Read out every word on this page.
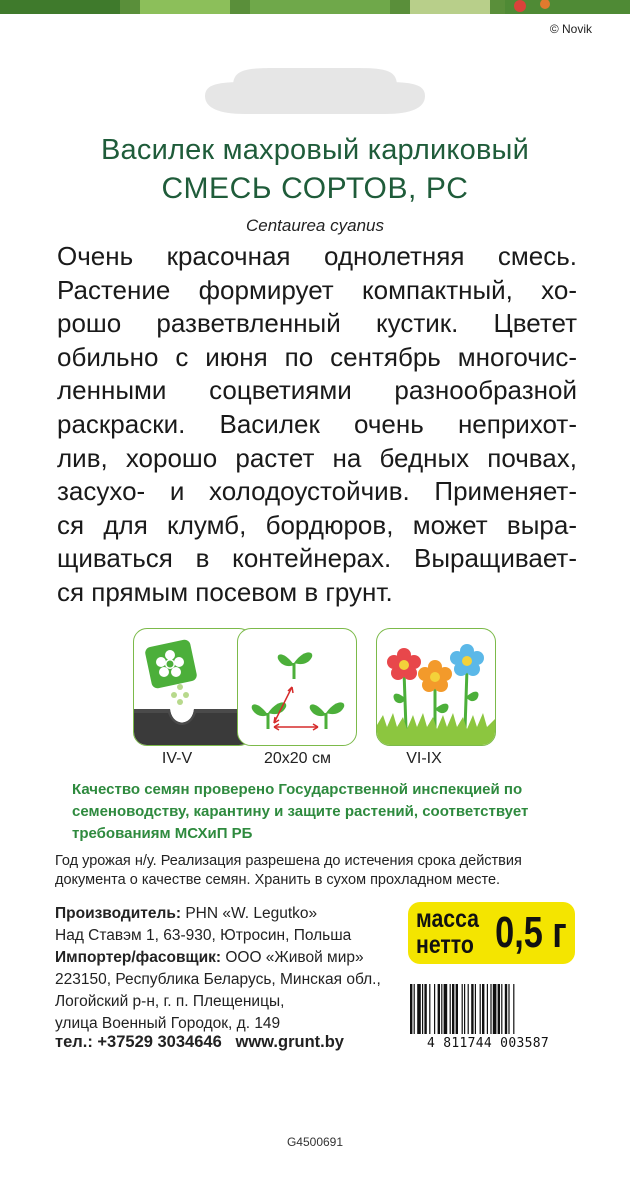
© Novik
Василек махровый карликовый
СМЕСЬ СОРТОВ, РС
Centaurea cyanus
Очень красочная однолетняя смесь.
Растение формирует компактный, хо-
рошо разветвленный кустик. Цветет
обильно с июня по сентябрь многочис-
ленными соцветиями разнообразной
раскраски. Василек очень неприхот-
лив, хорошо растет на бедных почвах,
засухо- и холодоустойчив. Применяет-
ся для клумб, бордюров, может выра-
щиваться в контейнерах. Выращивает-
ся прямым посевом в грунт.
IV-V	20x20 см	VI-IX
Качество семян проверено Государственной инспекцией по
семеноводству, карантину и защите растений, соответствует
требованиям МСХиП РБ
Год урожая н/у. Реализация разрешена до истечения срока действия
документа о качестве семян. Хранить в сухом прохладном месте.
Производитель: PHN «W. Legutko»
Над Ставэм 1, 63-930, Ютросин, Польша
Импортер/фасовщик: ООО «Живой мир»
223150, Республика Беларусь, Минская обл.,
Логойский р-н, г. п. Плещеницы,
улица Военный Городок, д. 149
тел.: +37529 3034646 www.grunt.by
масса
нетто 0,5 г
4 811744 003587
G4500691
